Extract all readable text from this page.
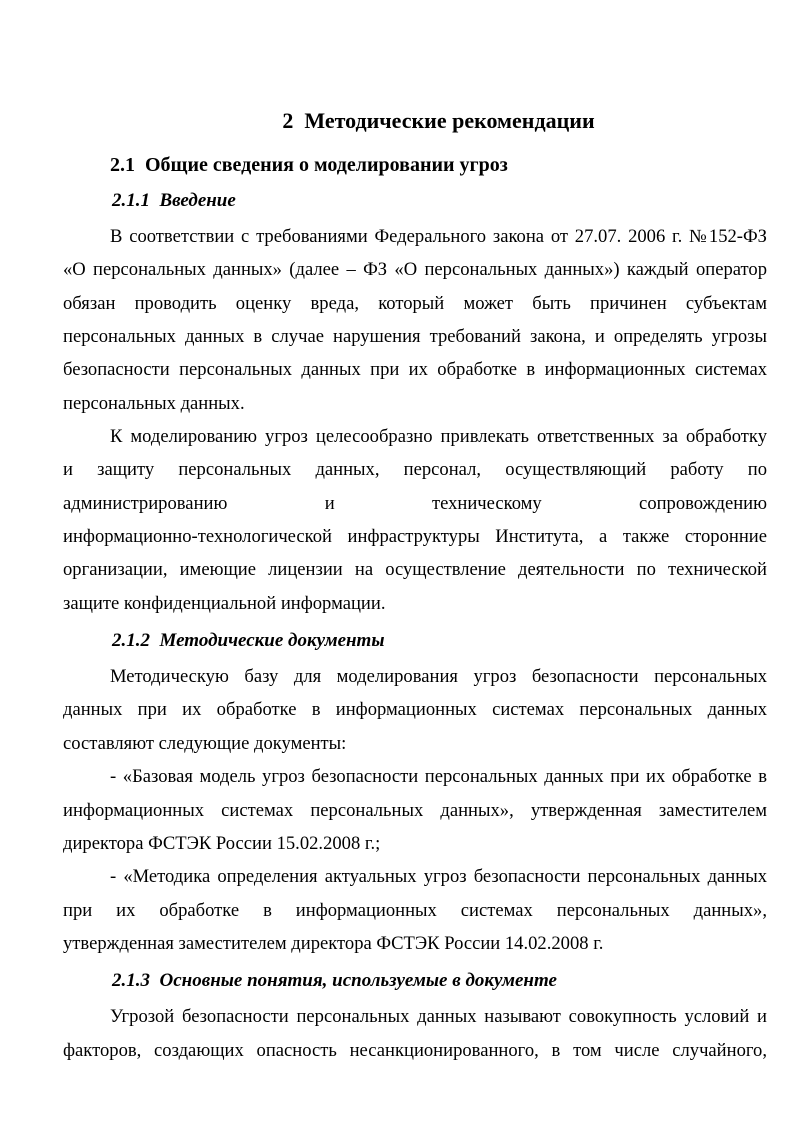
2  Методические рекомендации
2.1  Общие сведения о моделировании угроз
2.1.1  Введение
В соответствии с требованиями Федерального закона от 27.07. 2006 г. №152-ФЗ
«О персональных данных» (далее – ФЗ «О персональных данных») каждый оператор
обязан проводить оценку вреда, который может быть причинен субъектам
персональных данных в случае нарушения требований закона, и определять угрозы
безопасности персональных данных при их обработке в информационных системах
персональных данных.
К моделированию угроз целесообразно привлекать ответственных за обработку
и защиту персональных данных, персонал, осуществляющий работу по
администрированию и техническому сопровождению
информационно-технологической инфраструктуры Института, а также сторонние
организации, имеющие лицензии на осуществление деятельности по технической
защите конфиденциальной информации.
2.1.2  Методические документы
Методическую базу для моделирования угроз безопасности персональных
данных при их обработке в информационных системах персональных данных
составляют следующие документы:
- «Базовая модель угроз безопасности персональных данных при их обработке в
информационных системах персональных данных», утвержденная заместителем
директора ФСТЭК России 15.02.2008 г.;
- «Методика определения актуальных угроз безопасности персональных данных
при их обработке в информационных системах персональных данных»,
утвержденная заместителем директора ФСТЭК России 14.02.2008 г.
2.1.3  Основные понятия, используемые в документе
Угрозой безопасности персональных данных называют совокупность условий и
факторов, создающих опасность несанкционированного, в том числе случайного,
